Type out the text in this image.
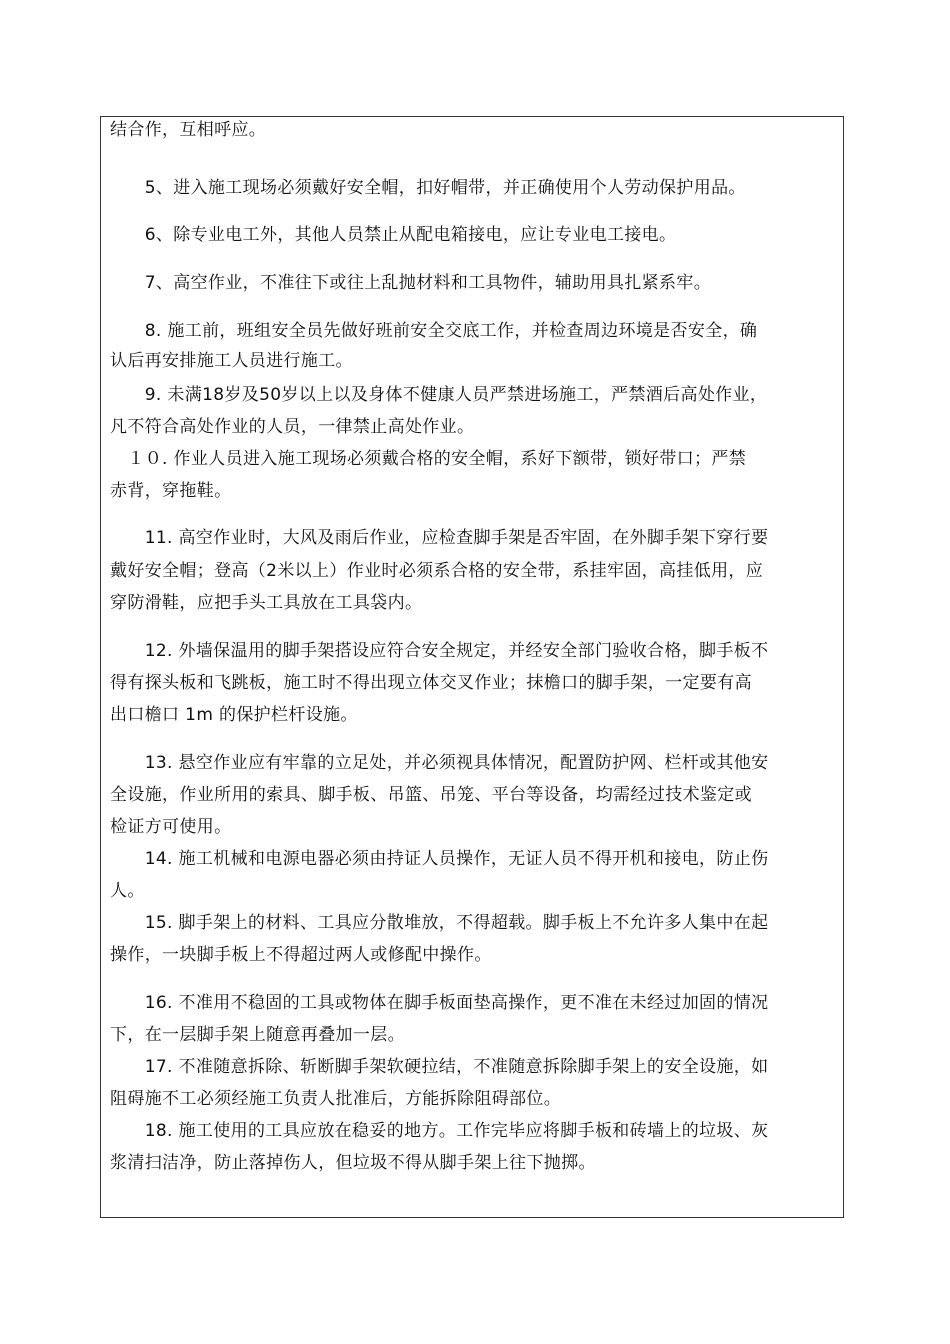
结合作，互相呼应。
　　5、进入施工现场必须戴好安全帽，扣好帽带，并正确使用个人劳动保护用品。
　　6、除专业电工外，其他人员禁止从配电箱接电，应让专业电工接电。
　　7、高空作业，不准往下或往上乱抛材料和工具物件，辅助用具扎紧系牢。
　　8. 施工前，班组安全员先做好班前安全交底工作，并检查周边环境是否安全，确
认后再安排施工人员进行施工。
　　9. 未满18岁及50岁以上以及身体不健康人员严禁进场施工，严禁酒后高处作业，
凡不符合高处作业的人员，一律禁止高处作业。
　１０. 作业人员进入施工现场必须戴合格的安全帽，系好下额带，锁好带口；严禁
赤背，穿拖鞋。
　　11. 高空作业时，大风及雨后作业，应检查脚手架是否牢固，在外脚手架下穿行要
戴好安全帽；登高（2米以上）作业时必须系合格的安全带，系挂牢固，高挂低用，应
穿防滑鞋，应把手头工具放在工具袋内。
　　12. 外墙保温用的脚手架搭设应符合安全规定，并经安全部门验收合格，脚手板不
得有探头板和飞跳板，施工时不得出现立体交叉作业；抹檐口的脚手架，一定要有高
出口檐口 1m 的保护栏杆设施。
　　13. 悬空作业应有牢靠的立足处，并必须视具体情况，配置防护网、栏杆或其他安
全设施，作业所用的索具、脚手板、吊篮、吊笼、平台等设备，均需经过技术鉴定或
检证方可使用。
　　14. 施工机械和电源电器必须由持证人员操作，无证人员不得开机和接电，防止伤
人。
　　15. 脚手架上的材料、工具应分散堆放，不得超载。脚手板上不允许多人集中在起
操作，一块脚手板上不得超过两人或修配中操作。
　　16. 不准用不稳固的工具或物体在脚手板面垫高操作，更不准在未经过加固的情况
下，在一层脚手架上随意再叠加一层。
　　17. 不准随意拆除、斩断脚手架软硬拉结，不准随意拆除脚手架上的安全设施，如
阻碍施不工必须经施工负责人批准后，方能拆除阻碍部位。
　　18. 施工使用的工具应放在稳妥的地方。工作完毕应将脚手板和砖墙上的垃圾、灰
浆清扫洁净，防止落掉伤人，但垃圾不得从脚手架上往下抛掷。
